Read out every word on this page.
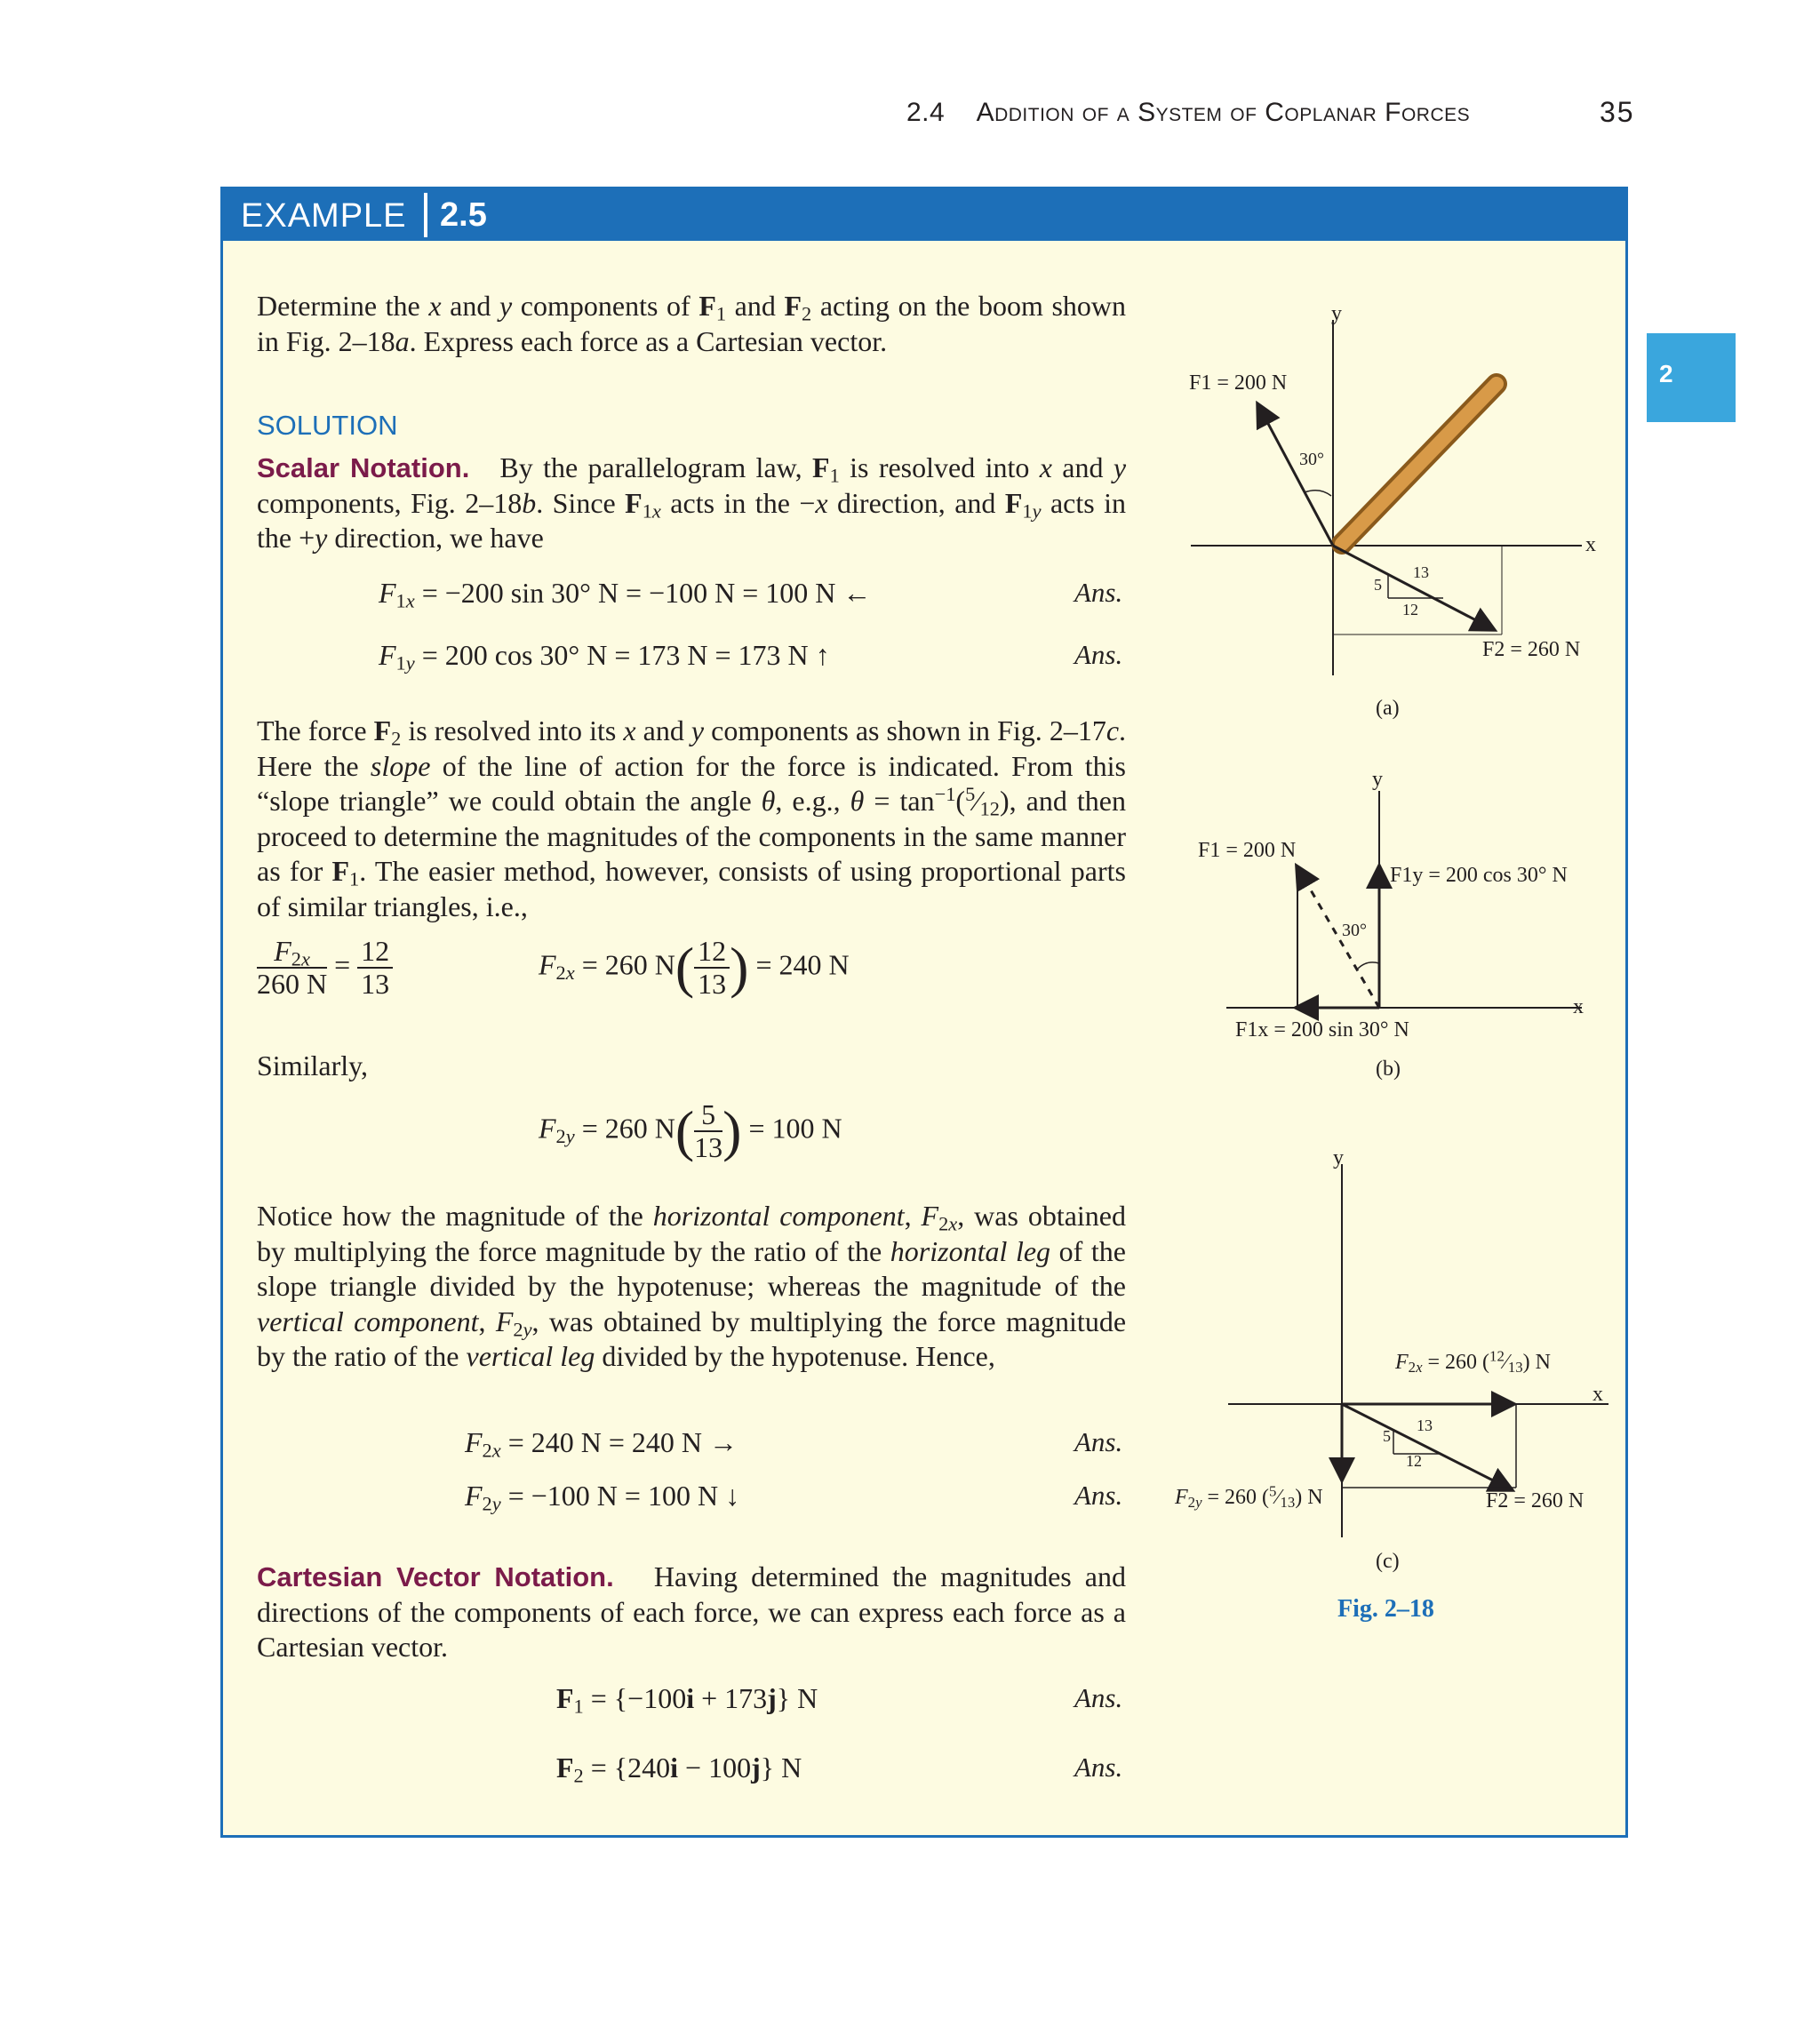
2.4 Addition of a System of Coplanar Forces	35
2
EXAMPLE 2.5
Determine the x and y components of $F_1$ and $F_2$ acting on the boom shown in Fig. 2–18a. Express each force as a Cartesian vector.
SOLUTION
Scalar Notation.   By the parallelogram law, $F_1$ is resolved into x and y components, Fig. 2–18b. Since $F_{1x}$ acts in the −x direction, and $F_{1y}$ acts in the +y direction, we have
$F_{1x} = -200$ sin 30° N = −100 N = 100 N ←	Ans.
$F_{1y} = 200$ cos 30° N = 173 N = 173 N ↑	Ans.
The force $F_2$ is resolved into its x and y components as shown in Fig. 2–17c. Here the slope of the line of action for the force is indicated. From this “slope triangle” we could obtain the angle θ, e.g., $\theta = \tan^{-1}(^5⁄_{12})$, and then proceed to determine the magnitudes of the components in the same manner as for $F_1$. The easier method, however, consists of using proportional parts of similar triangles, i.e.,
$\frac{F_{2x}}{260 N} = \frac{12}{13}$	$F_{2x} = 260$ $N( \frac{12}{13}$ ) = 240 N
Similarly,
$F_{2y} = 260$ $N( \frac{5}{13}$ ) = 100 N
Notice how the magnitude of the horizontal component, $F_{2x}$, was obtained by multiplying the force magnitude by the ratio of the horizontal leg of the slope triangle divided by the hypotenuse; whereas the magnitude of the vertical component, $F_{2y}$, was obtained by multiplying the force magnitude by the ratio of the vertical leg divided by the hypotenuse. Hence,
$F_{2x} = 240$ N = 240 N →	Ans.
$F_{2y} = -100$ N = 100 N ↓	Ans.
Cartesian Vector Notation.   Having determined the magnitudes and directions of the components of each force, we can express each force as a Cartesian vector.
$F_1 = \{-100i + 173j\}$ N	Ans.
$F_2 = \{240i - 100j\}$ N	Ans.
y
x
F1 = 200 N
30°
13
5
12
F2 = 260 N
(a)
y
x
F1 = 200 N
F1y = 200 cos 30° N
30°
F1x = 200 sin 30° N
(b)
y
x
$F_{2x} = 260$ $(^{12}⁄_{13})$ N
13
5
12
$F_{2y} = 260$ $(^5⁄_{13})$ N	F2 = 260 N
(c)
Fig. 2–18
